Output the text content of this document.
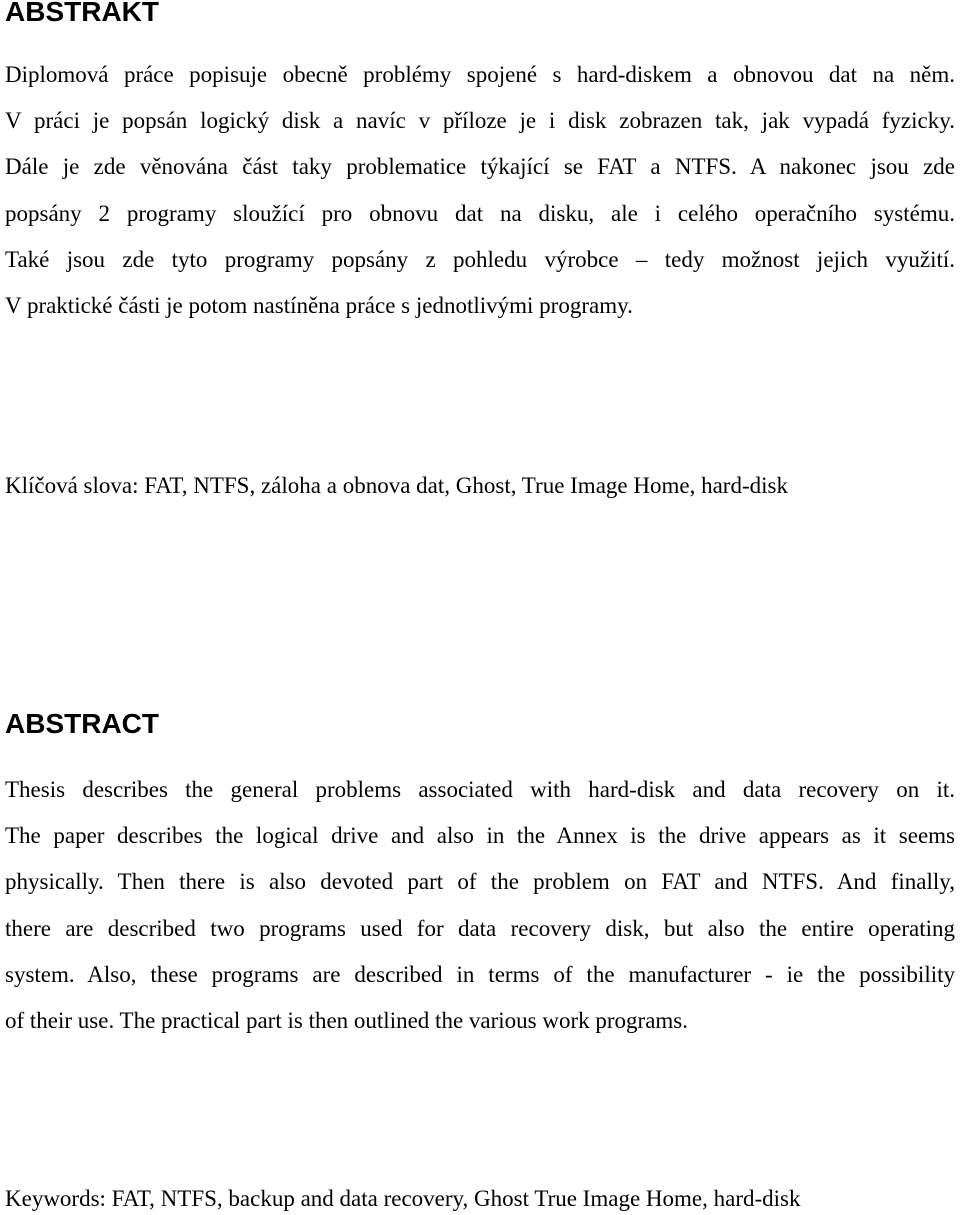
ABSTRAKT
Diplomová práce popisuje obecně problémy spojené s hard-diskem a obnovou dat na něm.
V práci je popsán logický disk a navíc v příloze je i disk zobrazen tak, jak vypadá fyzicky.
Dále je zde věnována část taky problematice týkající se FAT a NTFS. A nakonec jsou zde
popsány 2 programy sloužící pro obnovu dat na disku, ale i celého operačního systému.
Také jsou zde tyto programy popsány z pohledu výrobce – tedy možnost jejich využití.
V praktické části je potom nastíněna práce s jednotlivými programy.

Klíčová slova: FAT, NTFS, záloha a obnova dat, Ghost, True Image Home, hard-disk

ABSTRACT
Thesis describes the general problems associated with hard-disk and data recovery on it.
The paper describes the logical drive and also in the Annex is the drive appears as it seems
physically. Then there is also devoted part of the problem on FAT and NTFS. And finally,
there are described two programs used for data recovery disk, but also the entire operating
system. Also, these programs are described in terms of the manufacturer - ie the possibility
of their use. The practical part is then outlined the various work programs.

Keywords: FAT, NTFS, backup and data recovery, Ghost True Image Home, hard-disk
